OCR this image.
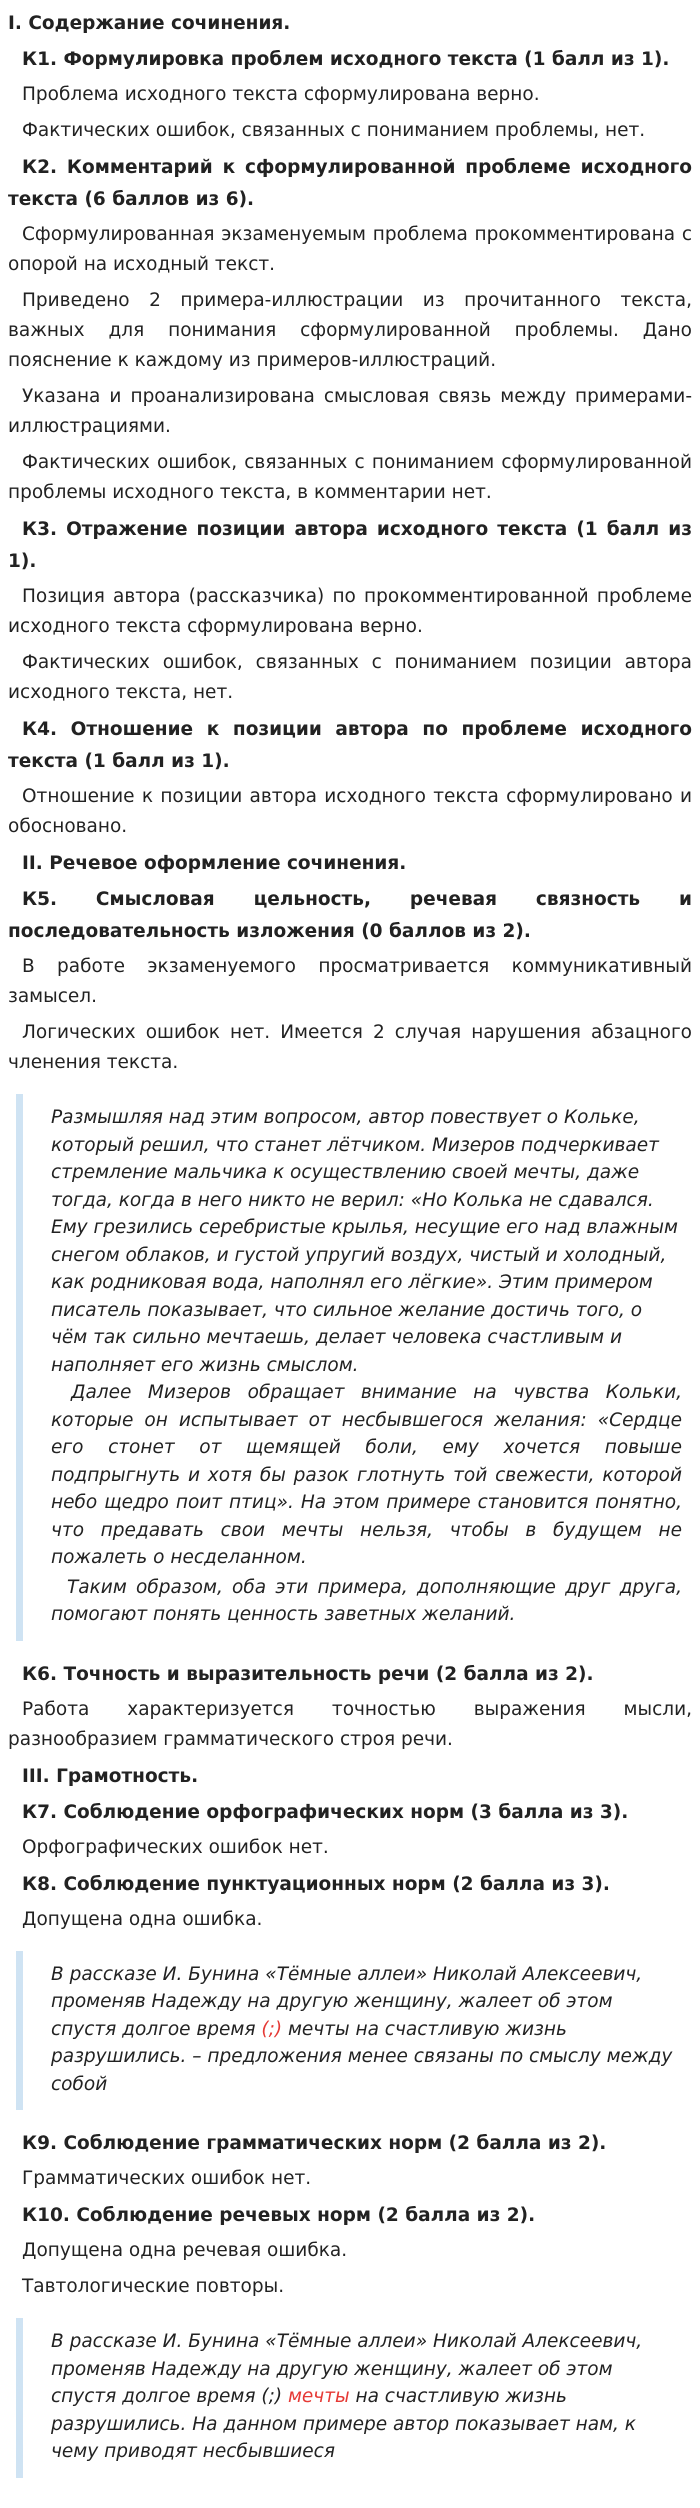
I. Содержание сочинения.

К1. Формулировка проблем исходного текста (1 балл из 1).

Проблема исходного текста сформулирована верно.

Фактических ошибок, связанных с пониманием проблемы, нет.

К2. Комментарий к сформулированной проблеме исходного текста (6 баллов из 6).

Сформулированная экзаменуемым проблема прокомментирована с опорой на исходный текст.

Приведено 2 примера-иллюстрации из прочитанного текста, важных для понимания сформулированной проблемы. Дано пояснение к каждому из примеров-иллюстраций.

Указана и проанализирована смысловая связь между примерами-иллюстрациями.

Фактических ошибок, связанных с пониманием сформулированной проблемы исходного текста, в комментарии нет.

К3. Отражение позиции автора исходного текста (1 балл из 1).

Позиция автора (рассказчика) по прокомментированной проблеме исходного текста сформулирована верно.

Фактических ошибок, связанных с пониманием позиции автора исходного текста, нет.

К4. Отношение к позиции автора по проблеме исходного текста (1 балл из 1).

Отношение к позиции автора исходного текста сформулировано и обосновано.

II. Речевое оформление сочинения.

К5. Смысловая цельность, речевая связность и последовательность изложения (0 баллов из 2).

В работе экзаменуемого просматривается коммуникативный замысел.

Логических ошибок нет. Имеется 2 случая нарушения абзацного членения текста.

Размышляя над этим вопросом, автор повествует о Кольке, который решил, что станет лётчиком. Мизеров подчеркивает стремление мальчика к осуществлению своей мечты, даже тогда, когда в него никто не верил: «Но Колька не сдавался. Ему грезились серебристые крылья, несущие его над влажным снегом облаков, и густой упругий воздух, чистый и холодный, как родниковая вода, наполнял его лёгкие». Этим примером писатель показывает, что сильное желание достичь того, о чём так сильно мечтаешь, делает человека счастливым и наполняет его жизнь смыслом.

Далее Мизеров обращает внимание на чувства Кольки, которые он испытывает от несбывшегося желания: «Сердце его стонет от щемящей боли, ему хочется повыше подпрыгнуть и хотя бы разок глотнуть той свежести, которой небо щедро поит птиц». На этом примере становится понятно, что предавать свои мечты нельзя, чтобы в будущем не пожалеть о несделанном.

Таким образом, оба эти примера, дополняющие друг друга, помогают понять ценность заветных желаний.

К6. Точность и выразительность речи (2 балла из 2).

Работа характеризуется точностью выражения мысли, разнообразием грамматического строя речи.

III. Грамотность.

К7. Соблюдение орфографических норм (3 балла из 3).

Орфографических ошибок нет.

К8. Соблюдение пунктуационных норм (2 балла из 3).

Допущена одна ошибка.

В рассказе И. Бунина «Тёмные аллеи» Николай Алексеевич, променяв Надежду на другую женщину, жалеет об этом спустя долгое время (;) мечты на счастливую жизнь разрушились. – предложения менее связаны по смыслу между собой

К9. Соблюдение грамматических норм (2 балла из 2).

Грамматических ошибок нет.

К10. Соблюдение речевых норм (2 балла из 2).

Допущена одна речевая ошибка.

Тавтологические повторы.

В рассказе И. Бунина «Тёмные аллеи» Николай Алексеевич, променяв Надежду на другую женщину, жалеет об этом спустя долгое время (;) мечты на счастливую жизнь разрушились. На данном примере автор показывает нам, к чему приводят несбывшиеся
